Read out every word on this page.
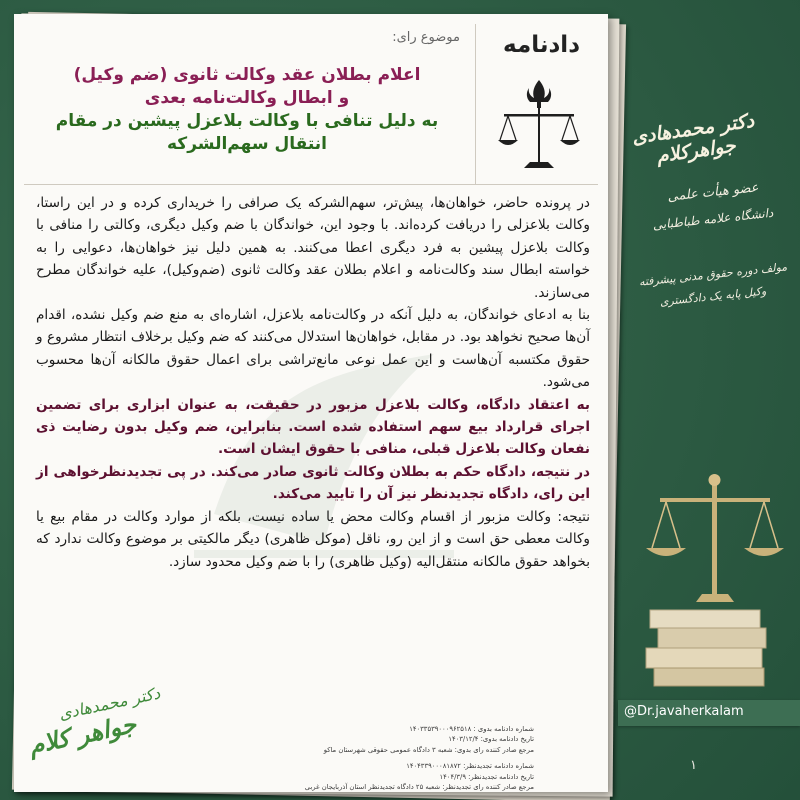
موضوع رای:
اعلام بطلان عقد وکالت ثانوی (ضم وکیل)
و ابطال وکالت‌نامه بعدی
به دلیل تنافی با وکالت بلاعزل پیشین در مقام
انتقال سهم‌الشرکه
دادنامه

در پرونده حاضر، خواهان‌ها، پیش‌تر، سهم‌الشرکه یک صرافی را خریداری کرده و در این راستا، وکالت بلاعزلی را دریافت کرده‌اند. با وجود این، خواندگان با ضم وکیل دیگری، وکالتی را منافی با وکالت بلاعزل پیشین به فرد دیگری اعطا می‌کنند. به همین دلیل نیز خواهان‌ها، دعوایی را به خواسته ابطال سند وکالت‌نامه و اعلام بطلان عقد وکالت ثانوی (ضم‌وکیل)، علیه خواندگان مطرح می‌سازند.

بنا به ادعای خواندگان، به دلیل آنکه در وکالت‌نامه بلاعزل، اشاره‌ای به منع ضم وکیل نشده، اقدام آن‌ها صحیح نخواهد بود. در مقابل، خواهان‌ها استدلال می‌کنند که ضم وکیل برخلاف انتظار مشروع و حقوق مکتسبه آن‌هاست و این عمل نوعی مانع‌تراشی برای اعمال حقوق مالکانه آن‌ها محسوب می‌شود.

به اعتقاد دادگاه، وکالت بلاعزل مزبور در حقیقت، به عنوان ابزاری برای تضمین اجرای قرارداد بیع سهم استفاده شده است. بنابراین، ضم وکیل بدون رضایت ذی نفعان وکالت بلاعزل قبلی، منافی با حقوق ایشان است.

در نتیجه، دادگاه حکم به بطلان وکالت ثانوی صادر می‌کند. در پی تجدیدنظرخواهی از این رای، دادگاه تجدیدنظر نیز آن را تایید می‌کند.

نتیجه: وکالت مزبور از اقسام وکالت محض یا ساده نیست، بلکه از موارد وکالت در مقام بیع یا وکالت معطی حق است و از این رو، ناقل (موکل ظاهری) دیگر مالکیتی بر موضوع وکالت ندارد که بخواهد حقوق مالکانه منتقل‌الیه (وکیل ظاهری) را با ضم وکیل محدود سازد.

دکتر محمدهادی
جواهر کلام	شماره دادنامه بدوی : ۱۴۰۳۳۵۳۹۰۰۰۹۶۲۵۱۸
تاریخ دادنامه بدوی: ۱۴۰۳/۱۲/۴
مرجع صادر کننده رای بدوی: شعبه ۳ دادگاه عمومی حقوقی شهرستان ماکو
شماره دادنامه تجدیدنظر: ۱۴۰۴۳۳۹۰۰۰۸۱۸۷۲
تاریخ دادنامه تجدیدنظر: ۱۴۰۴/۳/۹
مرجع صادر کننده رای تجدیدنظر: شعبه ۲۵ دادگاه تجدیدنظر استان آذربایجان غربی
دکتر محمدهادی جواهرکلام
عضو هیأت علمی
دانشگاه علامه طباطبایی
مولف دوره حقوق مدنی پیشرفته
وکیل پایه یک دادگستری
@Dr.javaherkalam
۱
